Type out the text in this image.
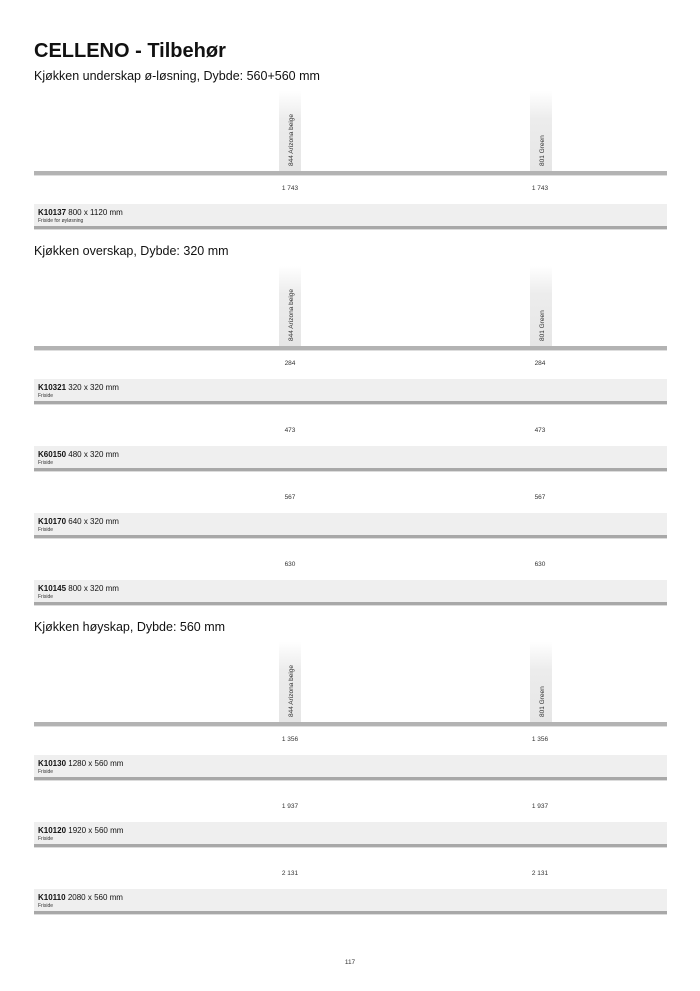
CELLENO - Tilbehør
Kjøkken underskap ø-løsning, Dybde: 560+560 mm
844 Arizona beige	801 Green
1 743	1 743
K10137 800 x 1120 mm
Friside for øyløsning
Kjøkken overskap, Dybde: 320 mm
844 Arizona beige	801 Green
284	284
K10321 320 x 320 mm
Friside
473	473
K60150 480 x 320 mm
Friside
567	567
K10170 640 x 320 mm
Friside
630	630
K10145 800 x 320 mm
Friside
Kjøkken høyskap, Dybde: 560 mm
844 Arizona beige	801 Green
1 356	1 356
K10130 1280 x 560 mm
Friside
1 937	1 937
K10120 1920 x 560 mm
Friside
2 131	2 131
K10110 2080 x 560 mm
Friside
117
